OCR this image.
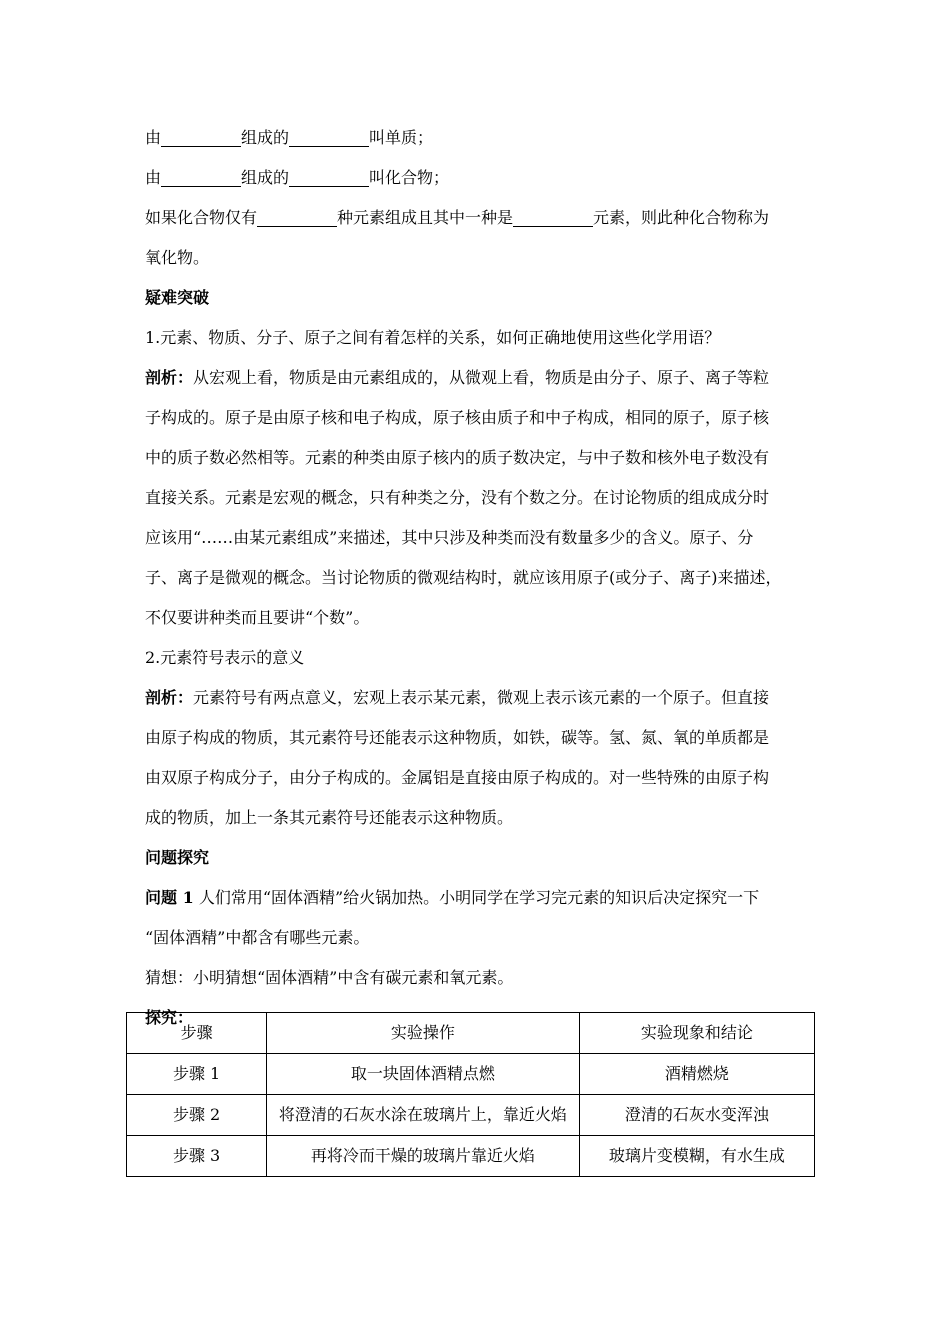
由	组成的	叫单质；
由	组成的	叫化合物；
如果化合物仅有	种元素组成且其中一种是	元素，则此种化合物称为
氧化物。
疑难突破
1.元素、物质、分子、原子之间有着怎样的关系，如何正确地使用这些化学用语？
剖析：从宏观上看，物质是由元素组成的，从微观上看，物质是由分子、原子、离子等粒
子构成的。原子是由原子核和电子构成，原子核由质子和中子构成，相同的原子，原子核
中的质子数必然相等。元素的种类由原子核内的质子数决定，与中子数和核外电子数没有
直接关系。元素是宏观的概念，只有种类之分，没有个数之分。在讨论物质的组成成分时
应该用“……由某元素组成”来描述，其中只涉及种类而没有数量多少的含义。原子、分
子、离子是微观的概念。当讨论物质的微观结构时，就应该用原子(或分子、离子)来描述，
不仅要讲种类而且要讲“个数”。
2.元素符号表示的意义
剖析：元素符号有两点意义，宏观上表示某元素，微观上表示该元素的一个原子。但直接
由原子构成的物质，其元素符号还能表示这种物质，如铁，碳等。氢、氮、氧的单质都是
由双原子构成分子，由分子构成的。金属铝是直接由原子构成的。对一些特殊的由原子构
成的物质，加上一条其元素符号还能表示这种物质。
问题探究
问题 1 人们常用“固体酒精”给火锅加热。小明同学在学习完元素的知识后决定探究一下
“固体酒精”中都含有哪些元素。
猜想：小明猜想“固体酒精”中含有碳元素和氧元素。
探究：
步骤	实验操作	实验现象和结论
步骤 1	取一块固体酒精点燃	酒精燃烧
步骤 2	将澄清的石灰水涂在玻璃片上，靠近火焰	澄清的石灰水变浑浊
步骤 3	再将冷而干燥的玻璃片靠近火焰	玻璃片变模糊，有水生成
